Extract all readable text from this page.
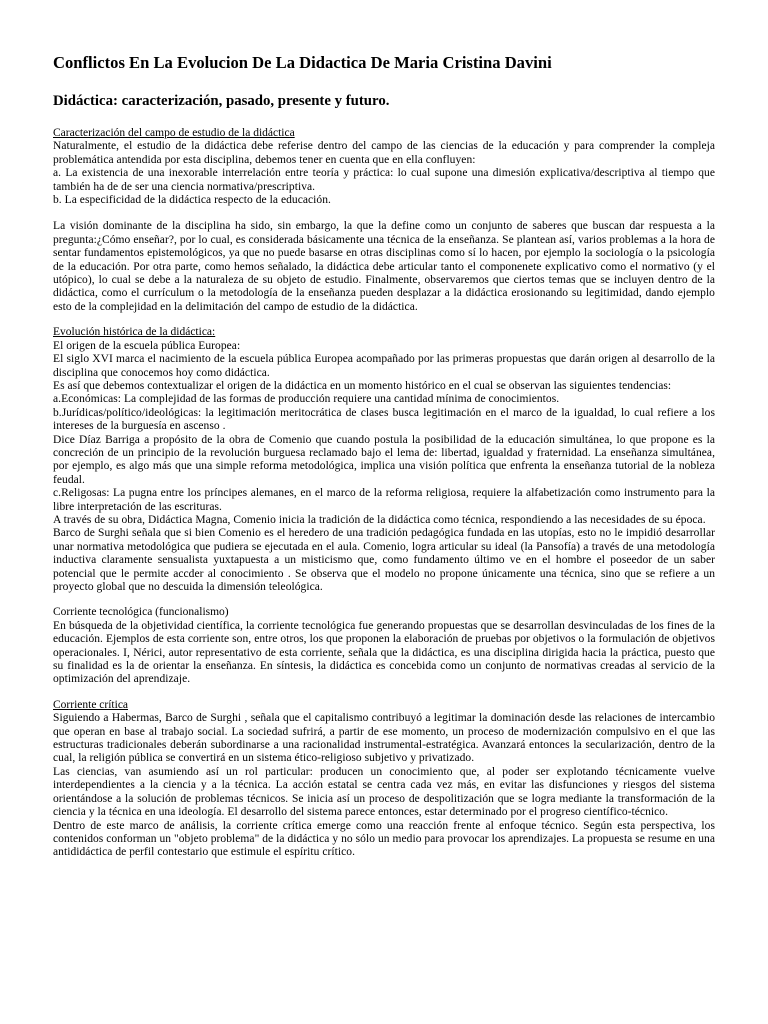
Conflictos En La Evolucion De La Didactica De Maria Cristina Davini
Didáctica: caracterización, pasado, presente y futuro.

Caracterización del campo de estudio de la didáctica

Naturalmente, el estudio de la didáctica debe referise dentro del campo de las ciencias de la educación y para comprender la compleja problemática antendida por esta disciplina, debemos tener en cuenta que en ella confluyen:

a. La existencia de una inexorable interrelación entre teoría y práctica: lo cual supone una dimesión explicativa/descriptiva al tiempo que también ha de de ser una ciencia normativa/prescriptiva.

b. La especificidad de la didáctica respecto de la educación.

La visión dominante de la disciplina ha sido, sin embargo, la que la define como un conjunto de saberes que buscan dar respuesta a la pregunta:¿Cómo enseñar?, por lo cual, es considerada básicamente una técnica de la enseñanza. Se plantean así, varios problemas a la hora de sentar fundamentos epistemológicos, ya que no puede basarse en otras disciplinas como sí lo hacen, por ejemplo la sociología o la psicología de la educación. Por otra parte, como hemos señalado, la didáctica debe articular tanto el componenete explicativo como el normativo (y el utópico), lo cual se debe a la naturaleza de su objeto de estudio. Finalmente, observaremos que ciertos temas que se incluyen dentro de la didáctica, como el currículum o la metodología de la enseñanza pueden desplazar a la didáctica erosionando su legitimidad, dando ejemplo esto de la complejidad en la delimitación del campo de estudio de la didáctica.

Evolución histórica de la didáctica:

El origen de la escuela pública Europea:

El siglo XVI marca el nacimiento de la escuela pública Europea acompañado por las primeras propuestas que darán origen al desarrollo de la disciplina que conocemos hoy como didáctica.

Es así que debemos contextualizar el origen de la didáctica en un momento histórico en el cual se observan las siguientes tendencias:

a.Económicas: La complejidad de las formas de producción requiere una cantidad mínima de conocimientos.

b.Jurídicas/político/ideológicas: la legitimación meritocrática de clases busca legitimación en el marco de la igualdad, lo cual refiere a los intereses de la burguesía en ascenso .

Dice Díaz Barriga a propósito de la obra de Comenio que cuando postula la posibilidad de la educación simultánea, lo que propone es la concreción de un principio de la revolución burguesa reclamado bajo el lema de: libertad, igualdad y fraternidad. La enseñanza simultánea, por ejemplo, es algo más que una simple reforma metodológica, implica una visión política que enfrenta la enseñanza tutorial de la nobleza feudal.

c.Religosas: La pugna entre los príncipes alemanes, en el marco de la reforma religiosa, requiere la alfabetización como instrumento para la libre interpretación de las escrituras.

A través de su obra, Didáctica Magna, Comenio inicia la tradición de la didáctica como técnica, respondiendo a las necesidades de su época.

Barco de Surghi señala que si bien Comenio es el heredero de una tradición pedagógica fundada en las utopías, esto no le impidió desarrollar unar normativa metodológica que pudiera se ejecutada en el aula. Comenio, logra articular su ideal (la Pansofía) a través de una metodología inductiva claramente sensualista yuxtapuesta a un misticismo que, como fundamento último ve en el hombre el poseedor de un saber potencial que le permite accder al conocimiento . Se observa que el modelo no propone únicamente una técnica, sino que se refiere a un proyecto global que no descuida la dimensión teleológica.

Corriente tecnológica (funcionalismo)

En búsqueda de la objetividad científica, la corriente tecnológica fue generando propuestas que se desarrollan desvinculadas de los fines de la educación. Ejemplos de esta corriente son, entre otros, los que proponen la elaboración de pruebas por objetivos o la formulación de objetivos operacionales. I, Nérici, autor representativo de esta corriente, señala que la didáctica, es una disciplina dirigida hacia la práctica, puesto que su finalidad es la de orientar la enseñanza. En síntesis, la didáctica es concebida como un conjunto de normativas creadas al servicio de la optimización del aprendizaje.

Corriente crítica

Siguiendo a Habermas, Barco de Surghi , señala que el capitalismo contribuyó a legitimar la dominación desde las relaciones de intercambio que operan en base al trabajo social. La sociedad sufrirá, a partir de ese momento, un proceso de modernización compulsivo en el que las estructuras tradicionales deberán subordinarse a una racionalidad instrumental-estratégica. Avanzará entonces la secularización, dentro de la cual, la religión pública se convertirá en un sistema ético-religioso subjetivo y privatizado.

Las ciencias, van asumiendo así un rol particular: producen un conocimiento que, al poder ser explotando técnicamente vuelve interdependientes a la ciencia y a la técnica. La acción estatal se centra cada vez más, en evitar las disfunciones y riesgos del sistema orientándose a la solución de problemas técnicos. Se inicia así un proceso de despolitización que se logra mediante la transformación de la ciencia y la técnica en una ideología. El desarrollo del sistema parece entonces, estar determinado por el progreso científico-técnico.

Dentro de este marco de análisis, la corriente crítica emerge como una reacción frente al enfoque técnico. Según esta perspectiva, los contenidos conforman un "objeto problema" de la didáctica y no sólo un medio para provocar los aprendizajes. La propuesta se resume en una antididáctica de perfil contestario que estimule el espíritu crítico.
